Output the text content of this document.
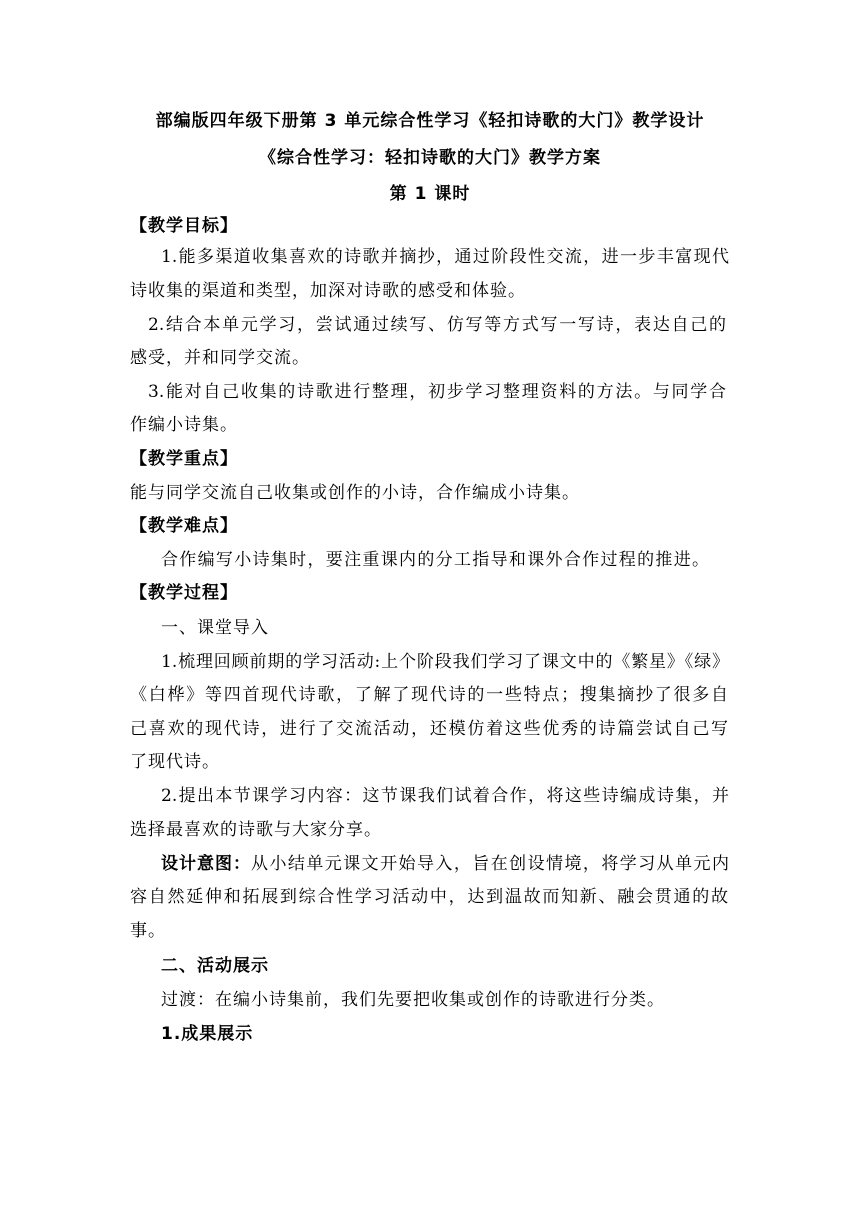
部编版四年级下册第 3 单元综合性学习《轻扣诗歌的大门》教学设计
《综合性学习：轻扣诗歌的大门》教学方案
第 1 课时
【教学目标】
1.能多渠道收集喜欢的诗歌并摘抄，通过阶段性交流，进一步丰富现代
诗收集的渠道和类型，加深对诗歌的感受和体验。
2.结合本单元学习，尝试通过续写、仿写等方式写一写诗，表达自己的
感受，并和同学交流。
3.能对自己收集的诗歌进行整理，初步学习整理资料的方法。与同学合
作编小诗集。
【教学重点】
能与同学交流自己收集或创作的小诗，合作编成小诗集。
【教学难点】
合作编写小诗集时，要注重课内的分工指导和课外合作过程的推进。
【教学过程】
一、课堂导入
1.梳理回顾前期的学习活动:上个阶段我们学习了课文中的《繁星》《绿》
《白桦》等四首现代诗歌，了解了现代诗的一些特点；搜集摘抄了很多自
己喜欢的现代诗，进行了交流活动，还模仿着这些优秀的诗篇尝试自己写
了现代诗。
2.提出本节课学习内容：这节课我们试着合作，将这些诗编成诗集，并
选择最喜欢的诗歌与大家分享。
设计意图： 从小结单元课文开始导入，旨在创设情境，将学习从单元内
容自然延伸和拓展到综合性学习活动中，达到温故而知新、融会贯通的故
事。
二、活动展示
过渡：在编小诗集前，我们先要把收集或创作的诗歌进行分类。
1.成果展示
